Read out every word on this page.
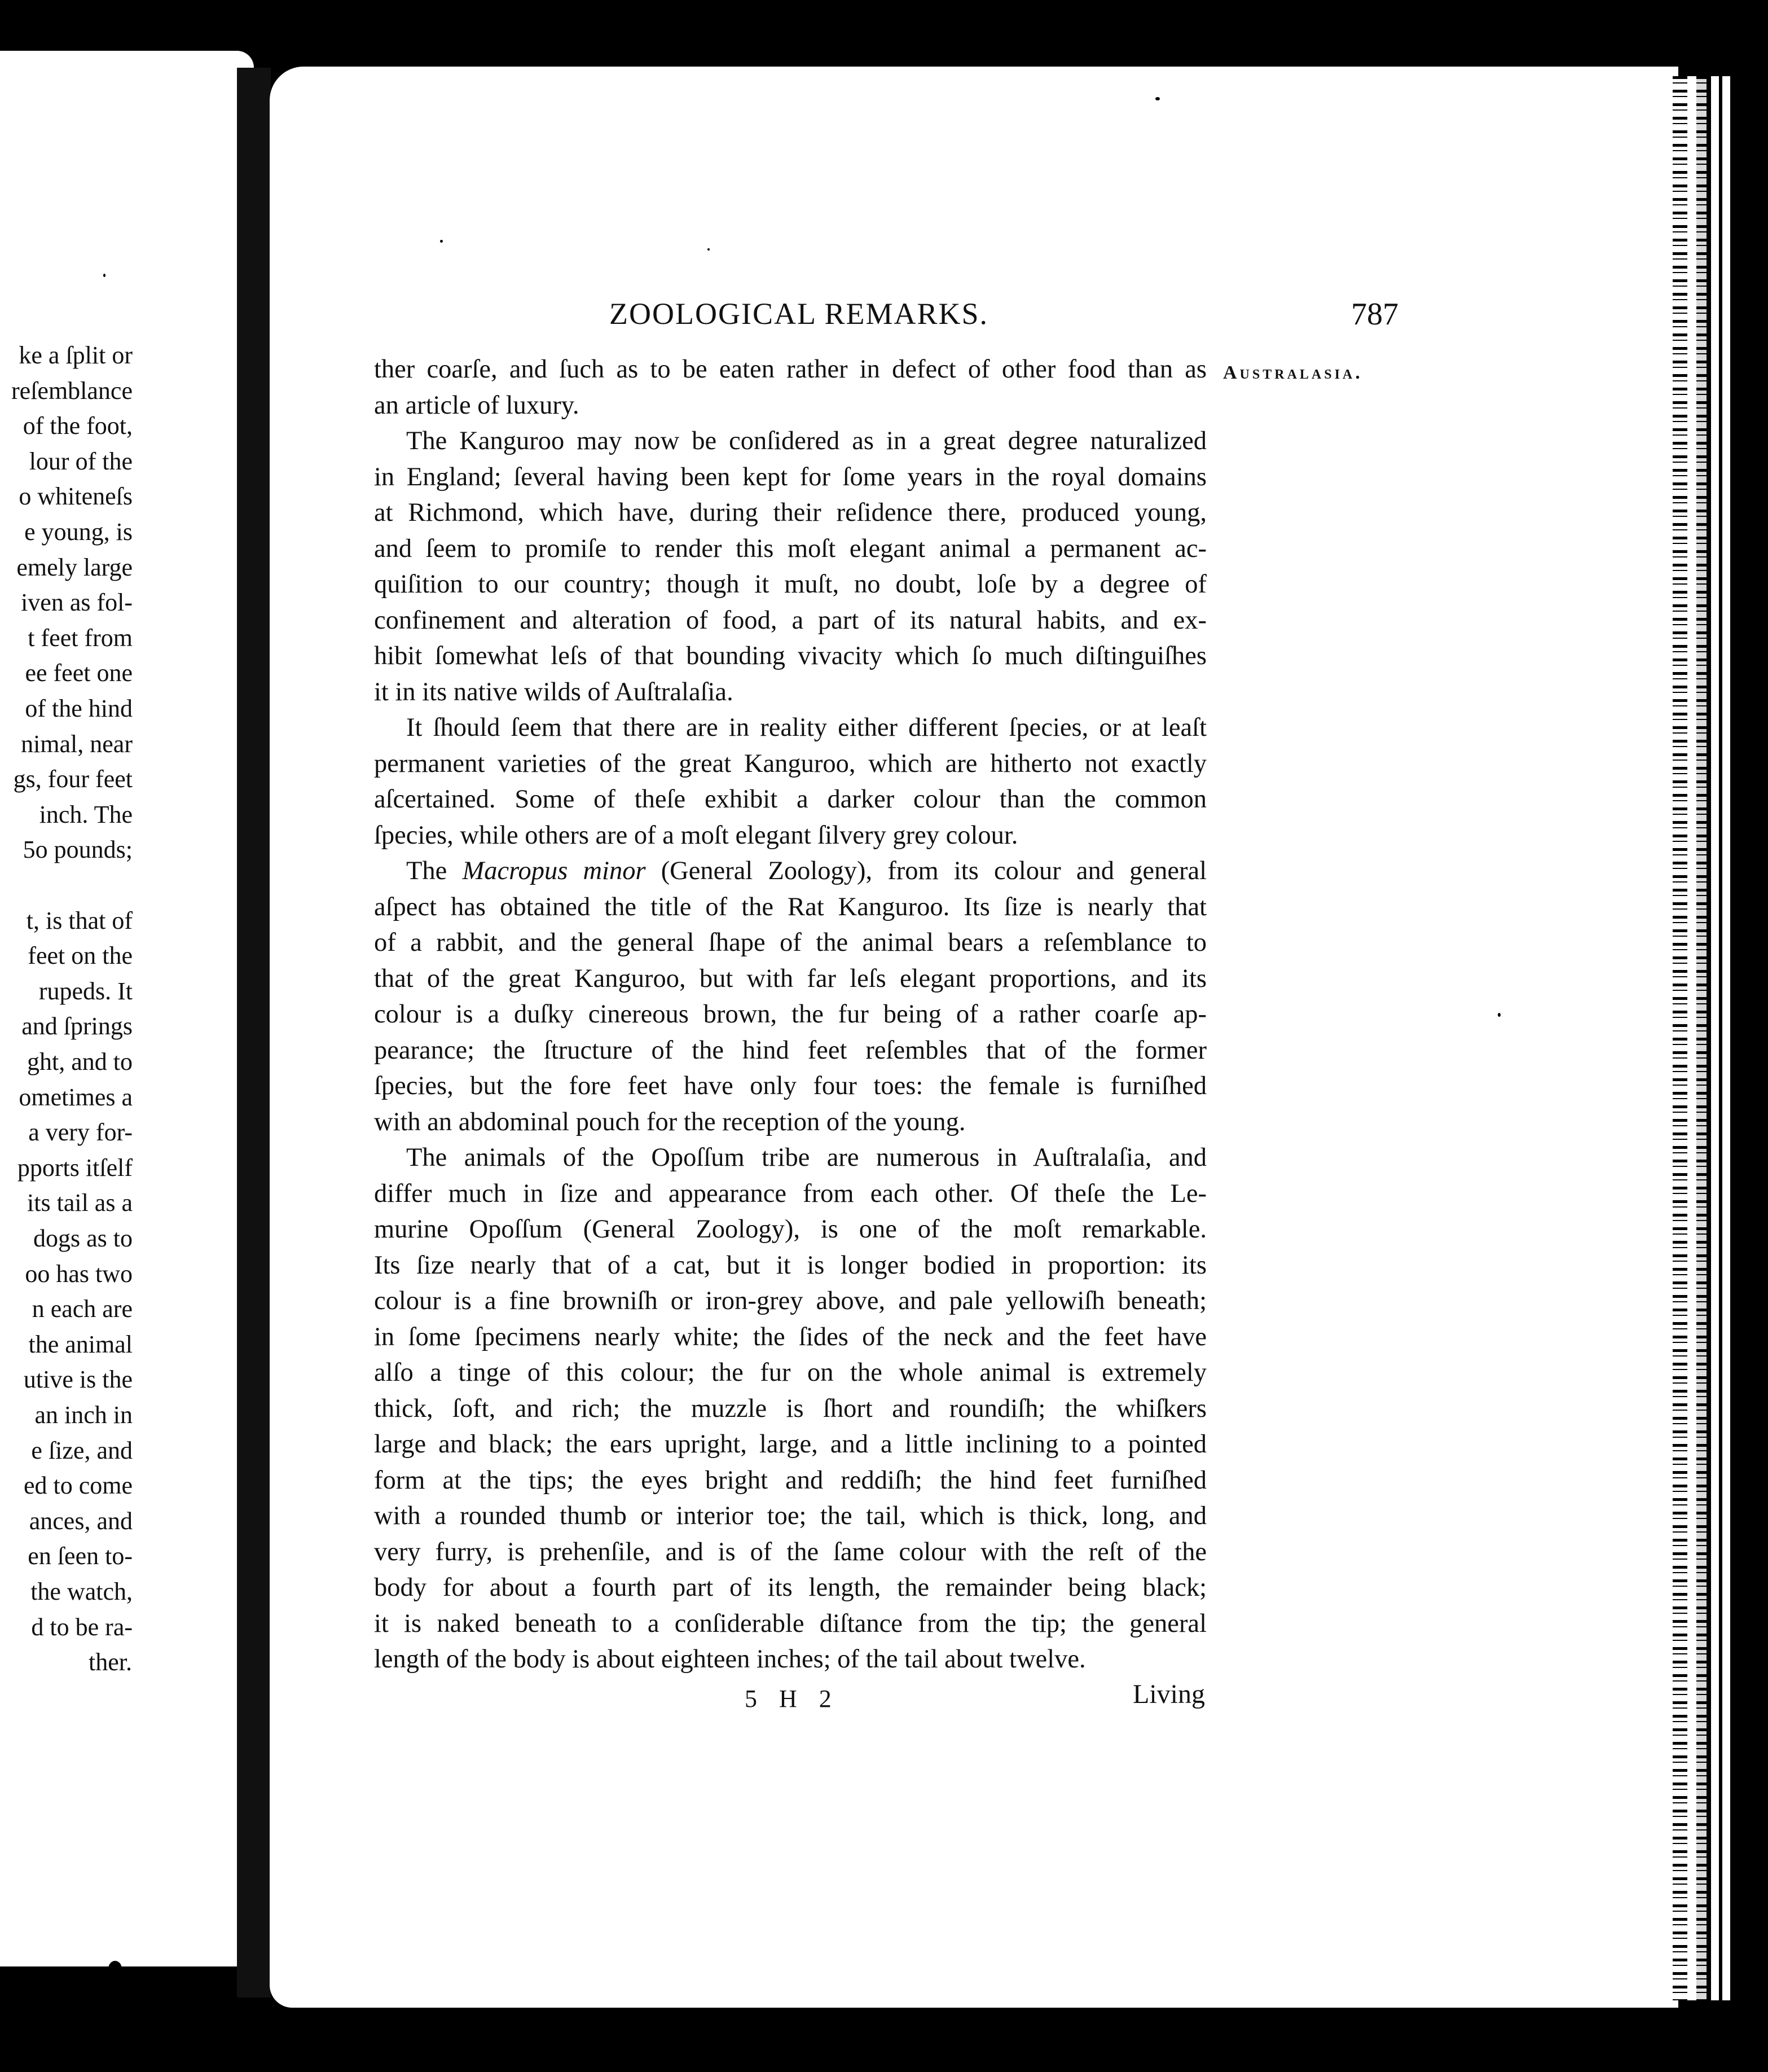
ke a ſplit or

reſemblance

of the foot,

lour of the

o whiteneſs

e young, is

emely large

iven as fol-

t feet from

ee feet one

of the hind

nimal, near

gs, four feet

inch. The

5o pounds;

t, is that of

feet on the

rupeds. It

and ſprings

ght, and to

ometimes a

a very for-

pports itſelf

its tail as a

dogs as to

oo has two

n each are

the animal

utive is the

an inch in

e ſize, and

ed to come

ances, and

en ſeen to-

the watch,

d to be ra-

ther.

ZOOLOGICAL REMARKS.	787

Australasia.

ther coarſe, and ſuch as to be eaten rather in defect of other food than as

an article of luxury.

The Kanguroo may now be conſidered as in a great degree naturalized

in England; ſeveral having been kept for ſome years in the royal domains

at Richmond, which have, during their reſidence there, produced young,

and ſeem to promiſe to render this moſt elegant animal a permanent ac-

quiſition to our country; though it muſt, no doubt, loſe by a degree of

confinement and alteration of food, a part of its natural habits, and ex-

hibit ſomewhat leſs of that bounding vivacity which ſo much diſtinguiſhes

it in its native wilds of Auſtralaſia.

It ſhould ſeem that there are in reality either different ſpecies, or at leaſt

permanent varieties of the great Kanguroo, which are hitherto not exactly

aſcertained. Some of theſe exhibit a darker colour than the common

ſpecies, while others are of a moſt elegant ſilvery grey colour.

The Macropus minor (General Zoology), from its colour and general

aſpect has obtained the title of the Rat Kanguroo. Its ſize is nearly that

of a rabbit, and the general ſhape of the animal bears a reſemblance to

that of the great Kanguroo, but with far leſs elegant proportions, and its

colour is a duſky cinereous brown, the fur being of a rather coarſe ap-

pearance; the ſtructure of the hind feet reſembles that of the former

ſpecies, but the fore feet have only four toes: the female is furniſhed

with an abdominal pouch for the reception of the young.

The animals of the Opoſſum tribe are numerous in Auſtralaſia, and

differ much in ſize and appearance from each other. Of theſe the Le-

murine Opoſſum (General Zoology), is one of the moſt remarkable.

Its ſize nearly that of a cat, but it is longer bodied in proportion: its

colour is a fine browniſh or iron-grey above, and pale yellowiſh beneath;

in ſome ſpecimens nearly white; the ſides of the neck and the feet have

alſo a tinge of this colour; the fur on the whole animal is extremely

thick, ſoft, and rich; the muzzle is ſhort and roundiſh; the whiſkers

large and black; the ears upright, large, and a little inclining to a pointed

form at the tips; the eyes bright and reddiſh; the hind feet furniſhed

with a rounded thumb or interior toe; the tail, which is thick, long, and

very furry, is prehenſile, and is of the ſame colour with the reſt of the

body for about a fourth part of its length, the remainder being black;

it is naked beneath to a conſiderable diſtance from the tip; the general

length of the body is about eighteen inches; of the tail about twelve.

5 H 2	Living
